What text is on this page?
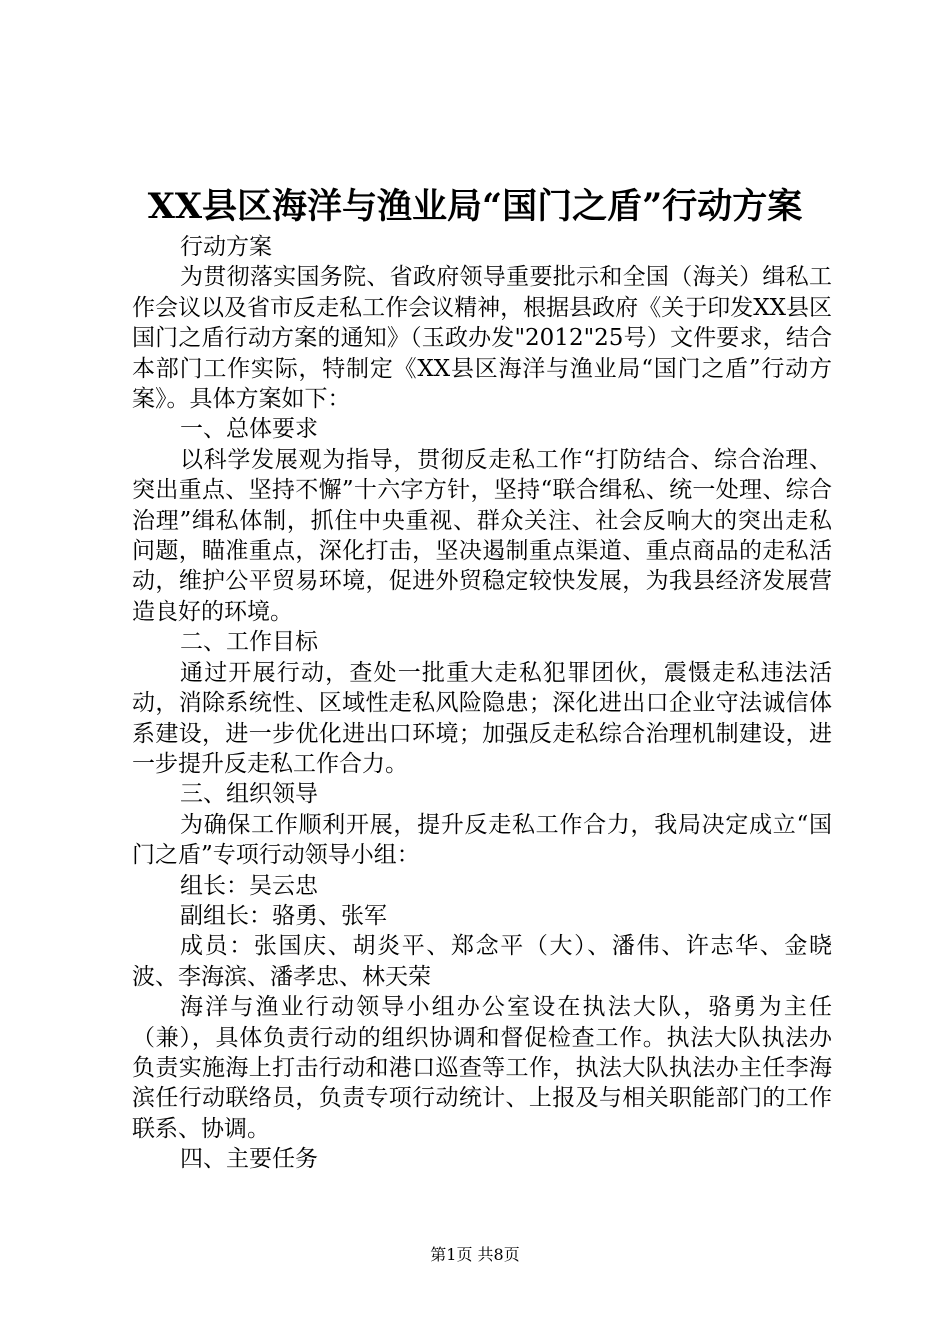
XX县区海洋与渔业局“国门之盾”行动方案

行动方案

为贯彻落实国务院、省政府领导重要批示和全国（海关）缉私工作会议以及省市反走私工作会议精神，根据县政府《关于印发XX县区国门之盾行动方案的通知》（玉政办发"2012"25号）文件要求，结合本部门工作实际，特制定《XX县区海洋与渔业局“国门之盾”行动方案》。具体方案如下：

一、总体要求

以科学发展观为指导，贯彻反走私工作“打防结合、综合治理、突出重点、坚持不懈”十六字方针，坚持“联合缉私、统一处理、综合治理”缉私体制，抓住中央重视、群众关注、社会反响大的突出走私问题，瞄准重点，深化打击，坚决遏制重点渠道、重点商品的走私活动，维护公平贸易环境，促进外贸稳定较快发展，为我县经济发展营造良好的环境。

二、工作目标

通过开展行动，查处一批重大走私犯罪团伙，震慑走私违法活动，消除系统性、区域性走私风险隐患；深化进出口企业守法诚信体系建设，进一步优化进出口环境；加强反走私综合治理机制建设，进一步提升反走私工作合力。

三、组织领导

为确保工作顺利开展，提升反走私工作合力，我局决定成立“国门之盾”专项行动领导小组：

组长：吴云忠

副组长：骆勇、张军

成员：张国庆、胡炎平、郑念平（大）、潘伟、许志华、金晓波、李海滨、潘孝忠、林天荣

海洋与渔业行动领导小组办公室设在执法大队，骆勇为主任（兼），具体负责行动的组织协调和督促检查工作。执法大队执法办负责实施海上打击行动和港口巡查等工作，执法大队执法办主任李海滨任行动联络员，负责专项行动统计、上报及与相关职能部门的工作联系、协调。

四、主要任务

第1页 共8页
